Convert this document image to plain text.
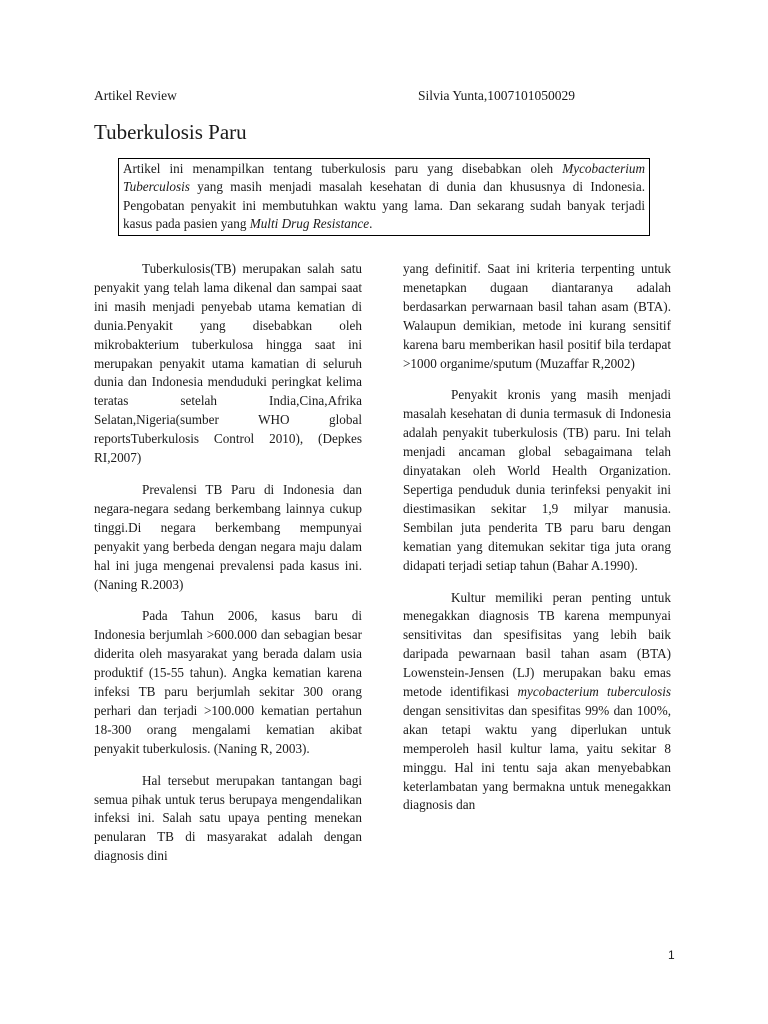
Artikel Review	Silvia Yunta,1007101050029
Tuberkulosis Paru
Artikel ini menampilkan tentang tuberkulosis paru yang disebabkan oleh Mycobacterium Tuberculosis yang masih menjadi masalah kesehatan di dunia dan khususnya di Indonesia. Pengobatan penyakit ini membutuhkan waktu yang lama. Dan sekarang sudah banyak terjadi kasus pada pasien yang Multi Drug Resistance.

Tuberkulosis(TB) merupakan salah satu penyakit yang telah lama dikenal dan sampai saat ini masih menjadi penyebab utama kematian di dunia.Penyakit yang disebabkan oleh mikrobakterium tuberkulosa hingga saat ini merupakan penyakit utama kamatian di seluruh dunia dan Indonesia menduduki peringkat kelima teratas setelah India,Cina,Afrika Selatan,Nigeria(sumber WHO global reportsTuberkulosis Control 2010), (Depkes RI,2007)

Prevalensi TB Paru di Indonesia dan negara-negara sedang berkembang lainnya cukup tinggi.Di negara berkembang mempunyai penyakit yang berbeda dengan negara maju dalam hal ini juga mengenai prevalensi pada kasus ini.(Naning R.2003)

Pada Tahun 2006, kasus baru di Indonesia berjumlah >600.000 dan sebagian besar diderita oleh masyarakat yang berada dalam usia produktif (15-55 tahun). Angka kematian karena infeksi TB paru berjumlah sekitar 300 orang perhari dan terjadi >100.000 kematian pertahun 18-300 orang mengalami kematian akibat penyakit tuberkulosis. (Naning R, 2003).

Hal tersebut merupakan tantangan bagi semua pihak untuk terus berupaya mengendalikan infeksi ini. Salah satu upaya penting menekan penularan TB di masyarakat adalah dengan diagnosis dini

yang definitif. Saat ini kriteria terpenting untuk menetapkan dugaan diantaranya adalah berdasarkan perwarnaan basil tahan asam (BTA). Walaupun demikian, metode ini kurang sensitif karena baru memberikan hasil positif bila terdapat >1000 organime/sputum (Muzaffar R,2002)

Penyakit kronis yang masih menjadi masalah kesehatan di dunia termasuk di Indonesia adalah penyakit tuberkulosis (TB) paru. Ini telah menjadi ancaman global sebagaimana telah dinyatakan oleh World Health Organization. Sepertiga penduduk dunia terinfeksi penyakit ini diestimasikan sekitar 1,9 milyar manusia. Sembilan juta penderita TB paru baru dengan kematian yang ditemukan sekitar tiga juta orang didapati terjadi setiap tahun (Bahar A.1990).

Kultur memiliki peran penting untuk menegakkan diagnosis TB karena mempunyai sensitivitas dan spesifisitas yang lebih baik daripada pewarnaan basil tahan asam (BTA) Lowenstein-Jensen (LJ) merupakan baku emas metode identifikasi mycobacterium tuberculosis dengan sensitivitas dan spesifitas 99% dan 100%, akan tetapi waktu yang diperlukan untuk memperoleh hasil kultur lama, yaitu sekitar 8 minggu. Hal ini tentu saja akan menyebabkan keterlambatan yang bermakna untuk menegakkan diagnosis dan

1
